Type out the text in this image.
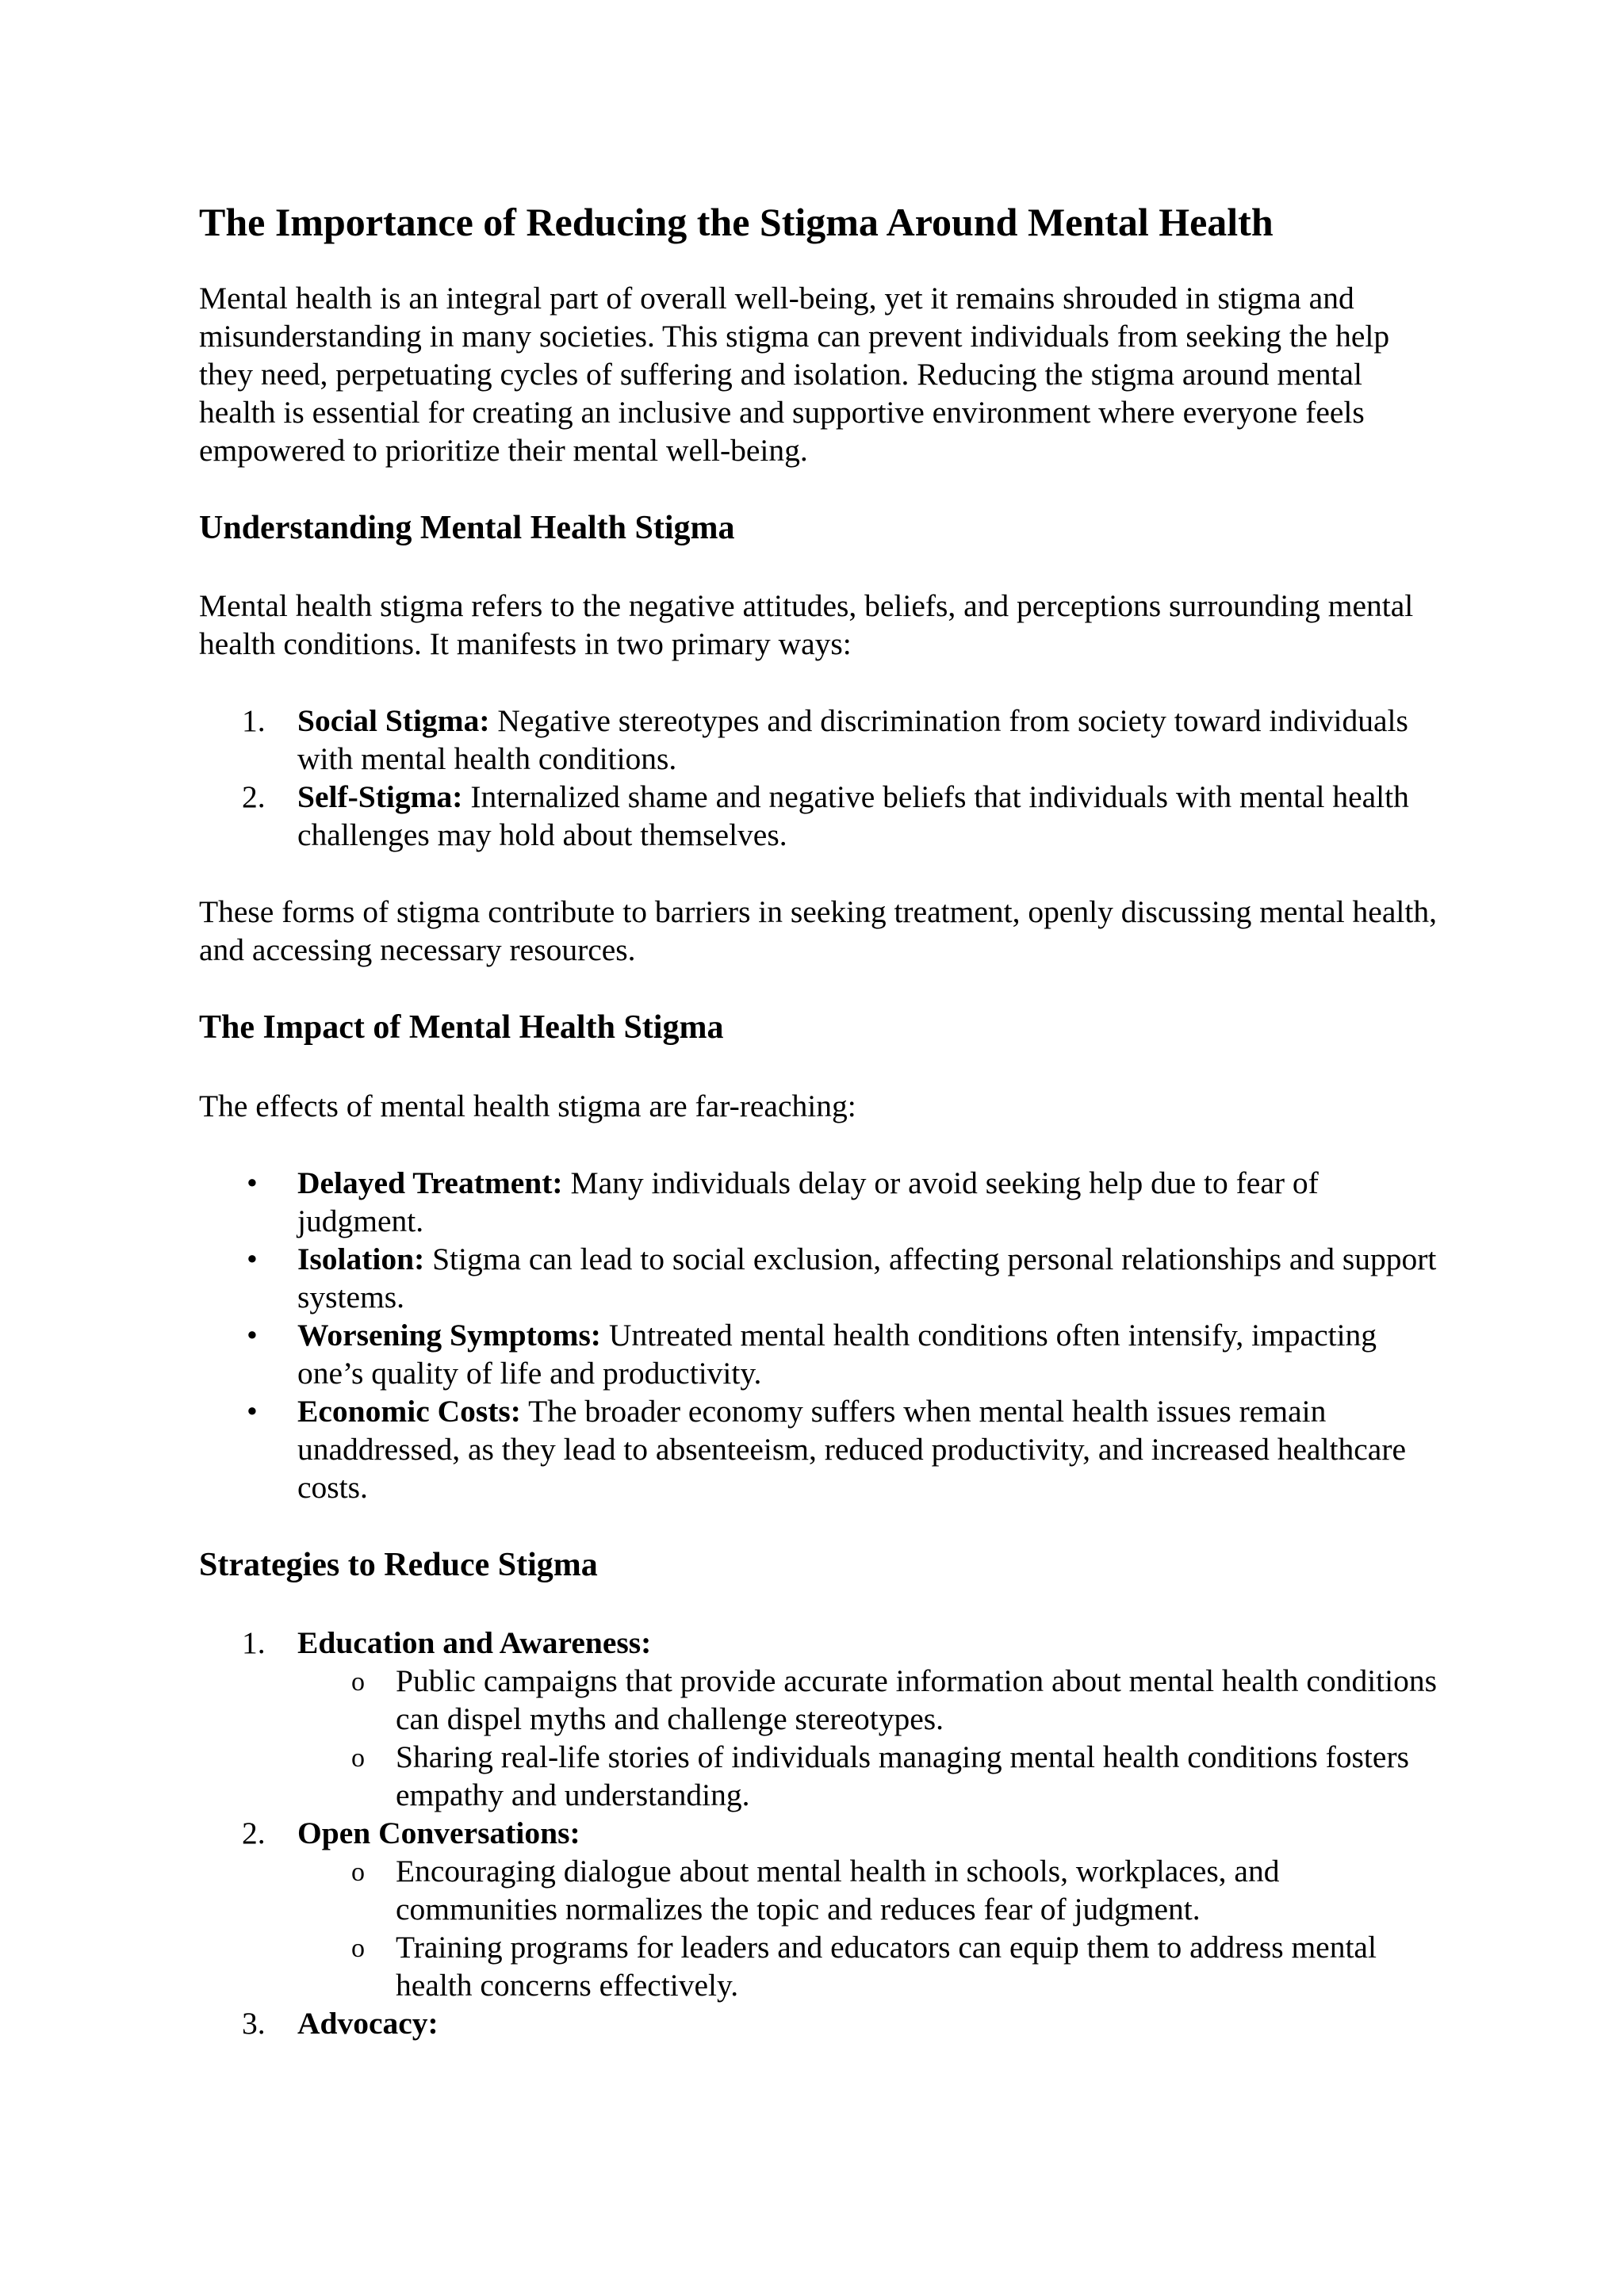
The Importance of Reducing the Stigma Around Mental Health

Mental health is an integral part of overall well-being, yet it remains shrouded in stigma and misunderstanding in many societies. This stigma can prevent individuals from seeking the help they need, perpetuating cycles of suffering and isolation. Reducing the stigma around mental health is essential for creating an inclusive and supportive environment where everyone feels empowered to prioritize their mental well-being.

Understanding Mental Health Stigma

Mental health stigma refers to the negative attitudes, beliefs, and perceptions surrounding mental health conditions. It manifests in two primary ways:

1.	Social Stigma: Negative stereotypes and discrimination from society toward individuals with mental health conditions.
2.	Self-Stigma: Internalized shame and negative beliefs that individuals with mental health challenges may hold about themselves.

These forms of stigma contribute to barriers in seeking treatment, openly discussing mental health, and accessing necessary resources.

The Impact of Mental Health Stigma

The effects of mental health stigma are far-reaching:

• Delayed Treatment: Many individuals delay or avoid seeking help due to fear of judgment.
• Isolation: Stigma can lead to social exclusion, affecting personal relationships and support systems.
• Worsening Symptoms: Untreated mental health conditions often intensify, impacting one’s quality of life and productivity.
• Economic Costs: The broader economy suffers when mental health issues remain unaddressed, as they lead to absenteeism, reduced productivity, and increased healthcare costs.
Strategies to Reduce Stigma
1.	Education and Awareness:
o Public campaigns that provide accurate information about mental health conditions can dispel myths and challenge stereotypes.
o Sharing real-life stories of individuals managing mental health conditions fosters empathy and understanding.
2.	Open Conversations:
o Encouraging dialogue about mental health in schools, workplaces, and communities normalizes the topic and reduces fear of judgment.
o Training programs for leaders and educators can equip them to address mental health concerns effectively.
3.	Advocacy:
